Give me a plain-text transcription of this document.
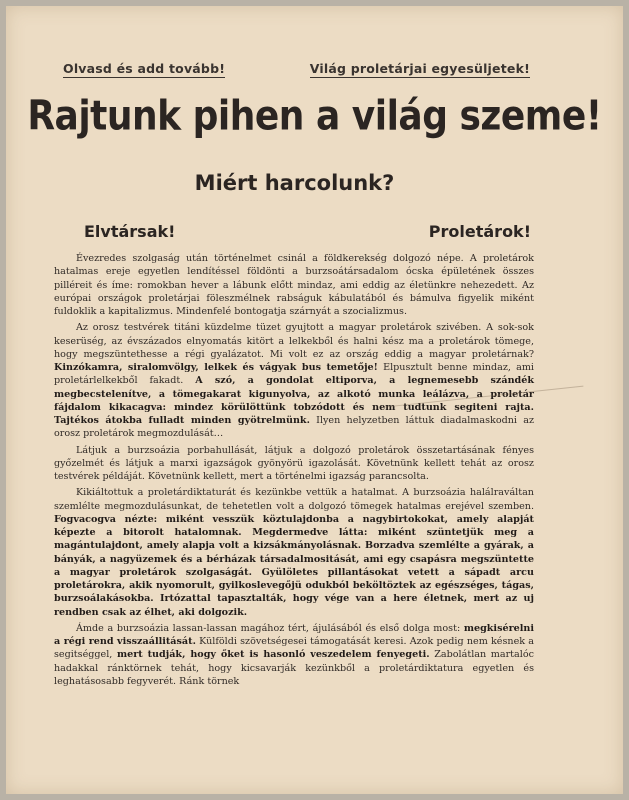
Olvasd és add tovább!	Világ proletárjai egyesüljetek!
Rajtunk pihen a világ szeme!
Miért harcolunk?
Elvtársak!	Proletárok!

Évezredes szolgaság után történelmet csinál a földkerekség dolgozó népe. A proletárok hatalmas ereje egyetlen lendítéssel földönti a burzsoátársadalom ócska épületének összes pilléreit és íme: romokban hever a lábunk előtt mindaz, ami eddig az életünkre nehezedett. Az európai országok proletárjai föleszmélnek rabságuk kábulatából és bámulva figyelik miként fuldoklik a kapitalizmus. Mindenfelé bontogatja szárnyát a szocializmus.

Az orosz testvérek titáni küzdelme tüzet gyujtott a magyar proletárok szivében. A sok-sok keserüség, az évszázados elnyomatás kitört a lelkekből és halni kész ma a proletárok tömege, hogy megszüntethesse a régi gyalázatot. Mi volt ez az ország eddig a magyar proletárnak? Kinzókamra, siralomvölgy, lelkek és vágyak bus temetője! Elpusztult benne mindaz, ami proletárlelkekből fakadt. A szó, a gondolat eltiporva, a legnemesebb szándék megbecstelenítve, a tömegakarat kigunyolva, az alkotó munka leálázva, a proletár fájdalom kikacagva: mindez körülöttünk tobzódott és nem tudtunk segiteni rajta. Tajtékos átokba fulladt minden gyötrelmünk. Ilyen helyzetben láttuk diadalmaskodni az orosz proletárok megmozdulását…

Látjuk a burzsoázia porbahullását, látjuk a dolgozó proletárok összetartásának fényes győzelmét és látjuk a marxi igazságok gyönyörü igazolását. Követnünk kellett tehát az orosz testvérek példáját. Követnünk kellett, mert a történelmi igazság parancsolta.

Kikiáltottuk a proletárdiktaturát és kezünkbe vettük a hatalmat. A burzsoázia halálraváltan szemlélte megmozdulásunkat, de tehetetlen volt a dolgozó tömegek hatalmas erejével szemben. Fogvacogva nézte: miként vesszük köztulajdonba a nagybirtokokat, amely alapját képezte a bitorolt hatalomnak. Megdermedve látta: miként szüntetjük meg a magántulajdont, amely alapja volt a kizsákmányolásnak. Borzadva szemlélte a gyárak, a bányák, a nagyüzemek és a bérházak társadalmositását, ami egy csapásra megszüntette a magyar proletárok szolgaságát. Gyülöletes pillantásokat vetett a sápadt arcu proletárokra, akik nyomorult, gyilkoslevegőjü odukból beköltöztek az egészséges, tágas, burzsoálakásokba. Irtózattal tapasztalták, hogy vége van a here életnek, mert az uj rendben csak az élhet, aki dolgozik.

Ámde a burzsoázia lassan-lassan magához tért, ájulásából és első dolga most: megkisérelni a régi rend visszaállitását. Külföldi szövetségesei támogatását keresi. Azok pedig nem késnek a segitséggel, mert tudják, hogy őket is hasonló veszedelem fenyegeti. Zabolátlan martalóc hadakkal ránktörnek tehát, hogy kicsavarják kezünkből a proletárdiktatura egyetlen és leghatásosabb fegyverét. Ránk törnek
